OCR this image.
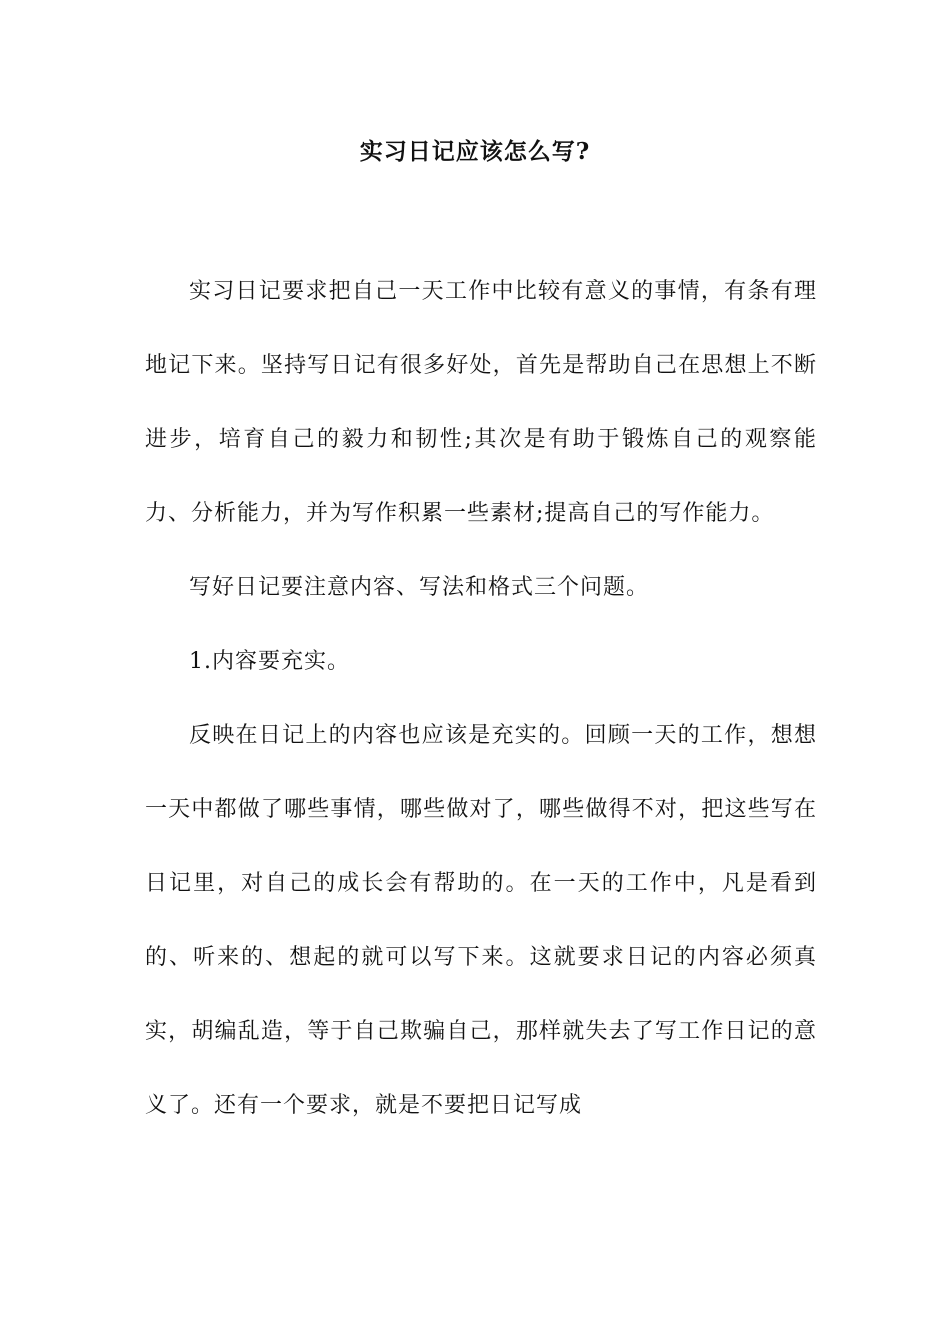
实习日记应该怎么写?

实习日记要求把自己一天工作中比较有意义的事情，有条有理地记下来。坚持写日记有很多好处，首先是帮助自己在思想上不断进步，培育自己的毅力和韧性;其次是有助于锻炼自己的观察能力、分析能力，并为写作积累一些素材;提高自己的写作能力。

写好日记要注意内容、写法和格式三个问题。

1.内容要充实。

反映在日记上的内容也应该是充实的。回顾一天的工作，想想一天中都做了哪些事情，哪些做对了，哪些做得不对，把这些写在日记里，对自己的成长会有帮助的。在一天的工作中，凡是看到的、听来的、想起的就可以写下来。这就要求日记的内容必须真实，胡编乱造，等于自己欺骗自己，那样就失去了写工作日记的意义了。还有一个要求，就是不要把日记写成
